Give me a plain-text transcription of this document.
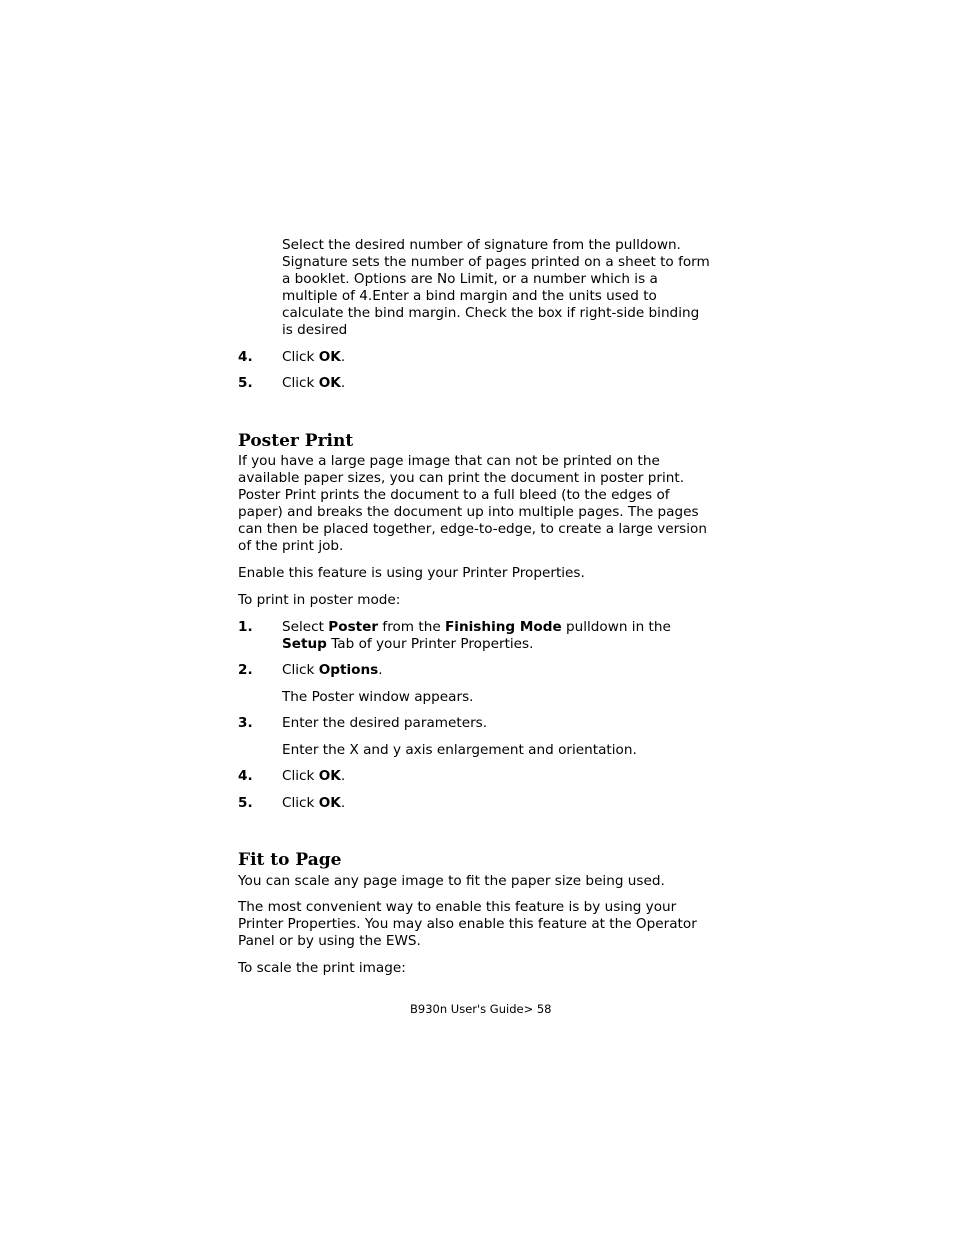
Select the desired number of signature from the pulldown.
Signature sets the number of pages printed on a sheet to form
a booklet. Options are No Limit, or a number which is a
multiple of 4.Enter a bind margin and the units used to
calculate the bind margin. Check the box if right-side binding
is desired

4. Click OK.

5. Click OK.

Poster Print
If you have a large page image that can not be printed on the
available paper sizes, you can print the document in poster print.
Poster Print prints the document to a full bleed (to the edges of
paper) and breaks the document up into multiple pages. The pages
can then be placed together, edge-to-edge, to create a large version
of the print job.

Enable this feature is using your Printer Properties.

To print in poster mode:

1. Select Poster from the Finishing Mode pulldown in the
Setup Tab of your Printer Properties.

2. Click Options.

The Poster window appears.

3. Enter the desired parameters.

Enter the X and y axis enlargement and orientation.

4. Click OK.

5. Click OK.

Fit to Page

You can scale any page image to fit the paper size being used.

The most convenient way to enable this feature is by using your
Printer Properties. You may also enable this feature at the Operator
Panel or by using the EWS.

To scale the print image:

B930n User's Guide> 58
